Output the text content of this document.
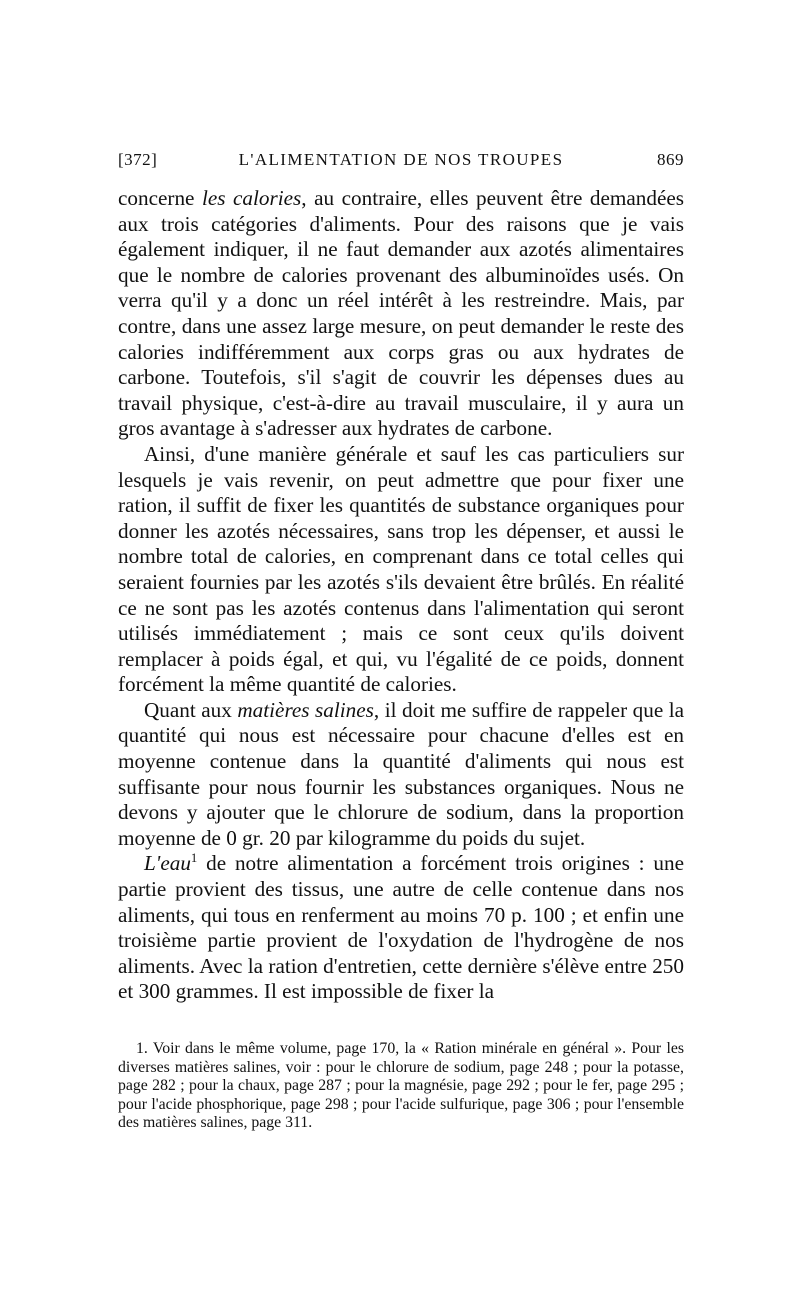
[372]	L'ALIMENTATION DE NOS TROUPES	869

concerne les calories, au contraire, elles peuvent être demandées aux trois catégories d'aliments. Pour des raisons que je vais également indiquer, il ne faut demander aux azotés alimentaires que le nombre de calories provenant des albuminoïdes usés. On verra qu'il y a donc un réel intérêt à les restreindre. Mais, par contre, dans une assez large mesure, on peut demander le reste des calories indifféremment aux corps gras ou aux hydrates de carbone. Toutefois, s'il s'agit de couvrir les dépenses dues au travail physique, c'est-à-dire au travail musculaire, il y aura un gros avantage à s'adresser aux hydrates de carbone.

Ainsi, d'une manière générale et sauf les cas particuliers sur lesquels je vais revenir, on peut admettre que pour fixer une ration, il suffit de fixer les quantités de substance organiques pour donner les azotés nécessaires, sans trop les dépenser, et aussi le nombre total de calories, en comprenant dans ce total celles qui seraient fournies par les azotés s'ils devaient être brûlés. En réalité ce ne sont pas les azotés contenus dans l'alimentation qui seront utilisés immédiatement ; mais ce sont ceux qu'ils doivent remplacer à poids égal, et qui, vu l'égalité de ce poids, donnent forcément la même quantité de calories.

Quant aux matières salines, il doit me suffire de rappeler que la quantité qui nous est nécessaire pour chacune d'elles est en moyenne contenue dans la quantité d'aliments qui nous est suffisante pour nous fournir les substances organiques. Nous ne devons y ajouter que le chlorure de sodium, dans la proportion moyenne de 0 gr. 20 par kilogramme du poids du sujet.

L'eau$^1$ de notre alimentation a forcément trois origines : une partie provient des tissus, une autre de celle contenue dans nos aliments, qui tous en renferment au moins 70 p. 100 ; et enfin une troisième partie provient de l'oxydation de l'hydrogène de nos aliments. Avec la ration d'entretien, cette dernière s'élève entre 250 et 300 grammes. Il est impossible de fixer la

1. Voir dans le même volume, page 170, la « Ration minérale en général ». Pour les diverses matières salines, voir : pour le chlorure de sodium, page 248 ; pour la potasse, page 282 ; pour la chaux, page 287 ; pour la magnésie, page 292 ; pour le fer, page 295 ; pour l'acide phosphorique, page 298 ; pour l'acide sulfurique, page 306 ; pour l'ensemble des matières salines, page 311.
